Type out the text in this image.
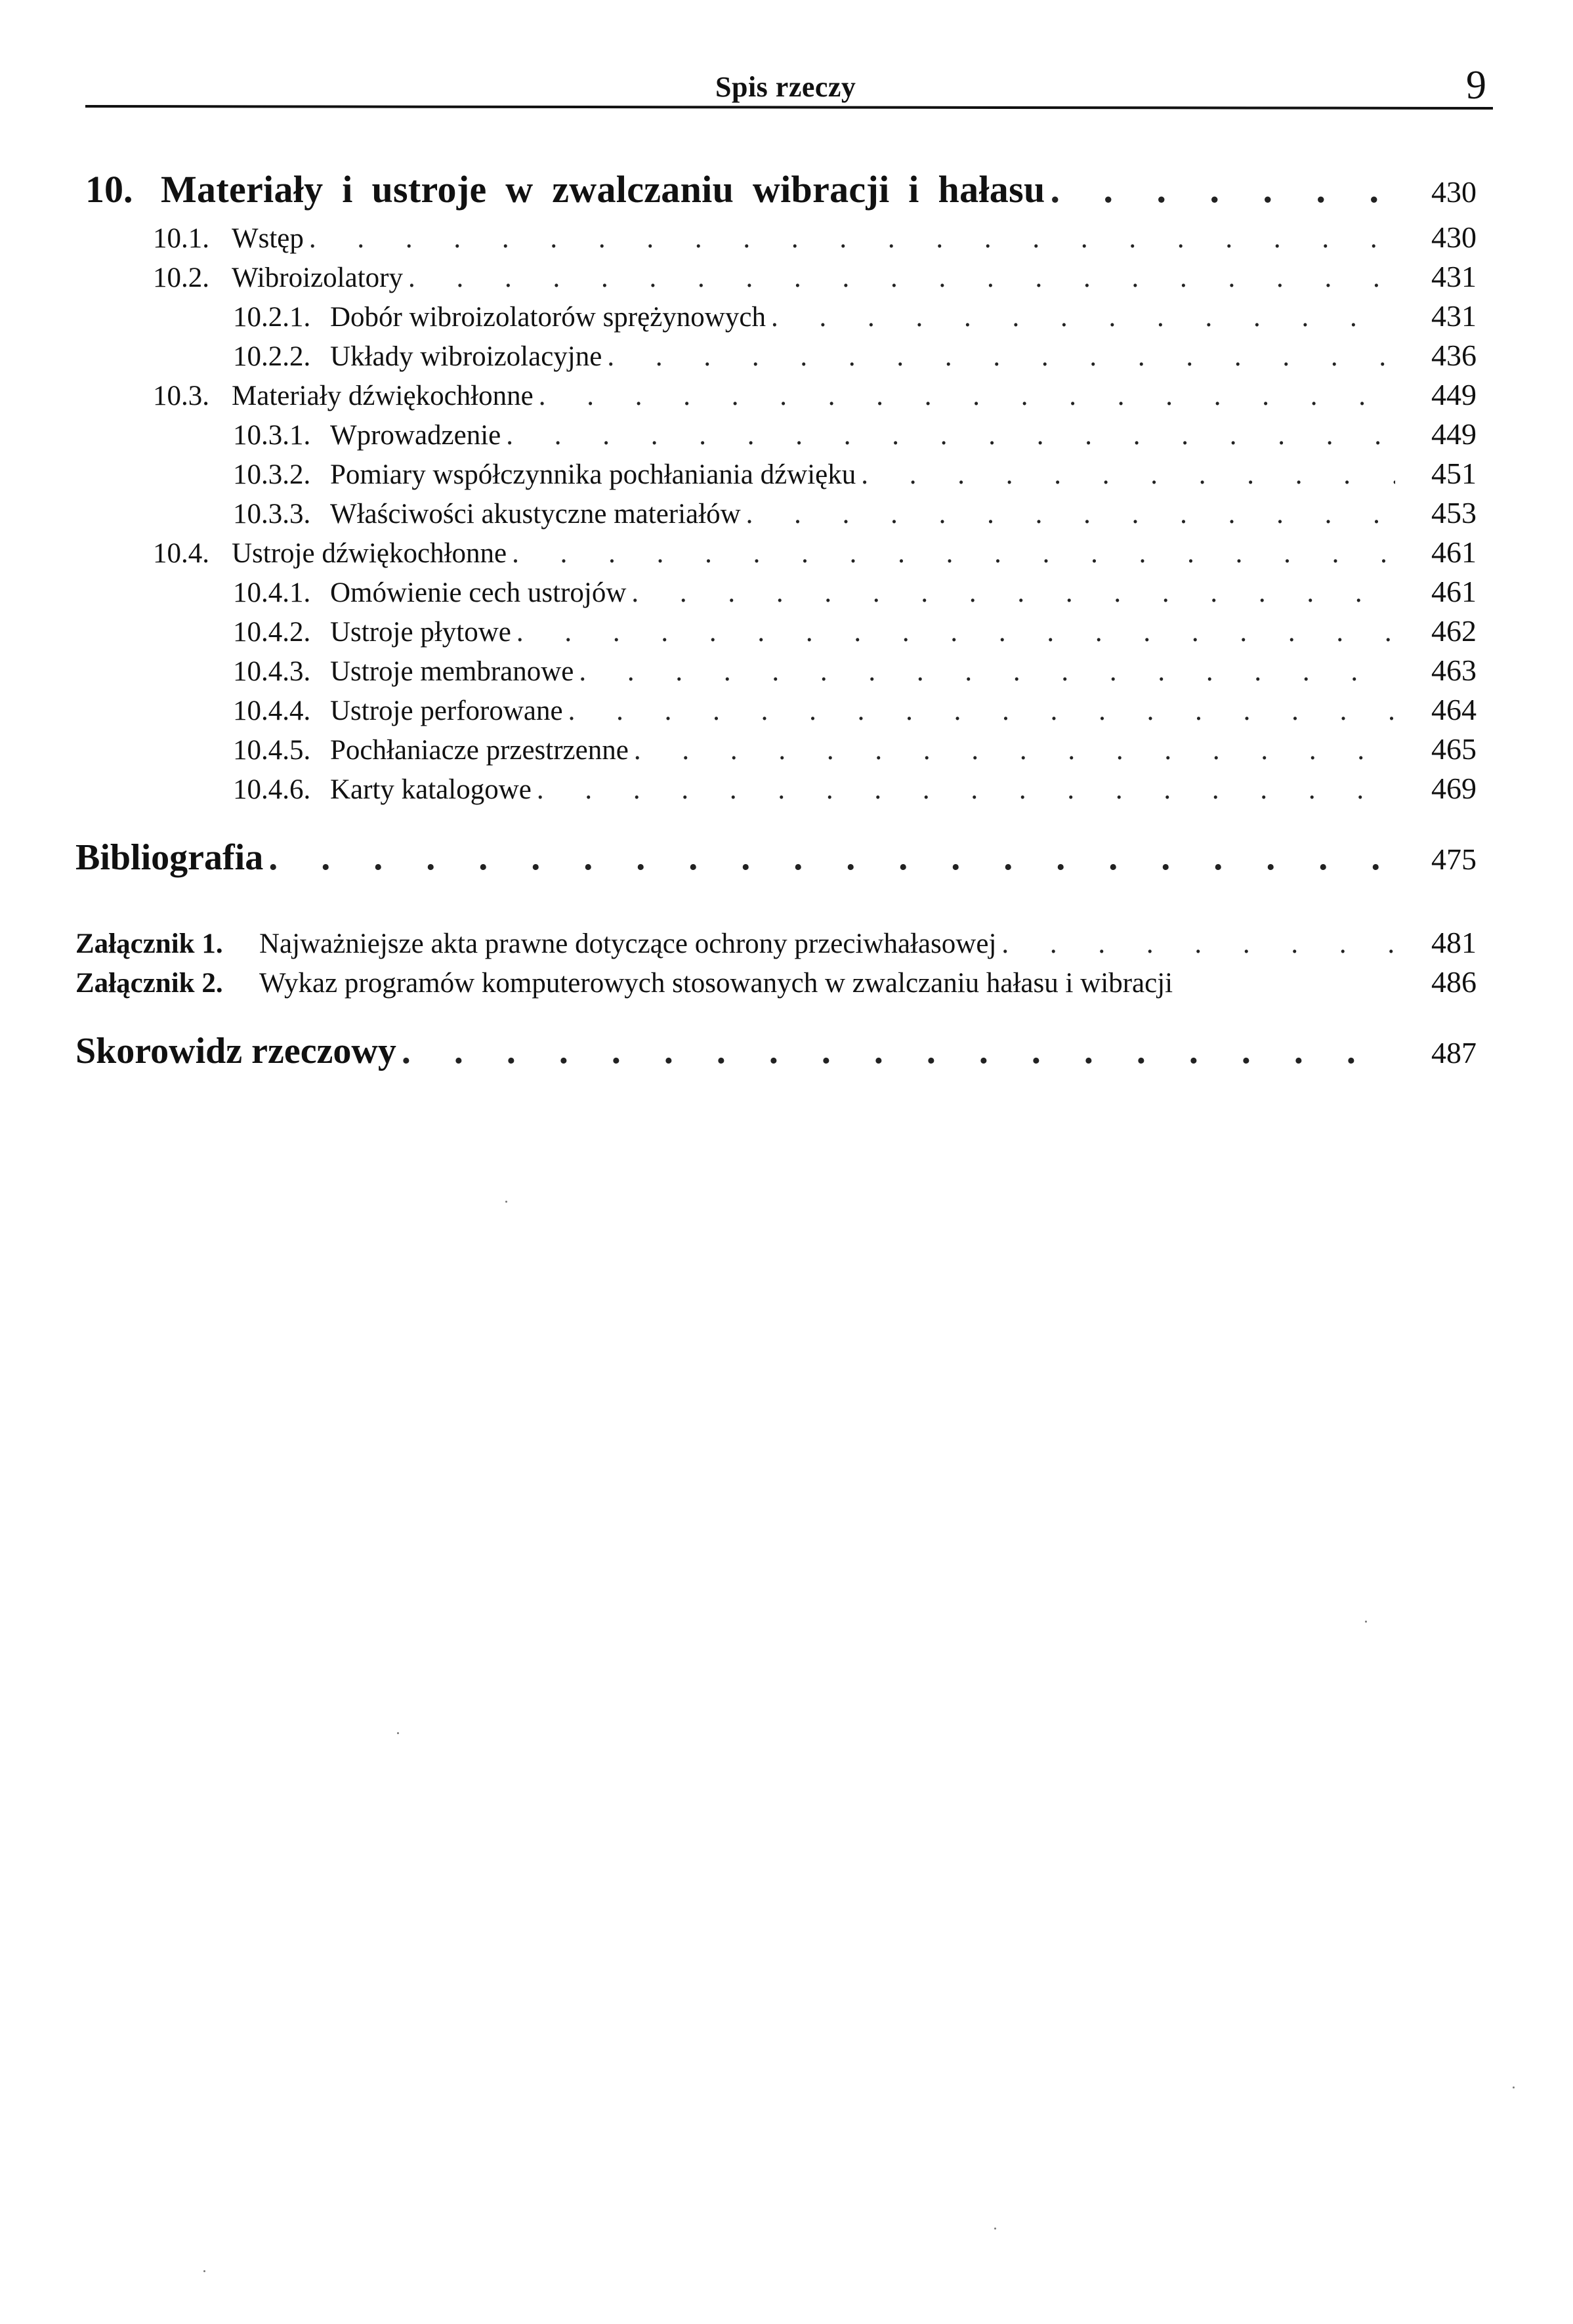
Spis rzeczy	9
10. Materiały i ustroje w zwalczaniu wibracji i hałasu . . .	430
10.1. Wstęp . . .	430
10.2. Wibroizolatory . . .	431
10.2.1. Dobór wibroizolatorów sprężynowych . . .	431
10.2.2. Układy wibroizolacyjne . . .	436
10.3. Materiały dźwiękochłonne . . .	449
10.3.1. Wprowadzenie . . .	449
10.3.2. Pomiary współczynnika pochłaniania dźwięku . . .	451
10.3.3. Właściwości akustyczne materiałów . . .	453
10.4. Ustroje dźwiękochłonne . . .	461
10.4.1. Omówienie cech ustrojów . . .	461
10.4.2. Ustroje płytowe . . .	462
10.4.3. Ustroje membranowe . . .	463
10.4.4. Ustroje perforowane . . .	464
10.4.5. Pochłaniacze przestrzenne . . .	465
10.4.6. Karty katalogowe . . .	469
Bibliografia . . .	475
Załącznik 1.	Najważniejsze akta prawne dotyczące ochrony przeciwhałasowej . . .	481
Załącznik 2.	Wykaz programów komputerowych stosowanych w zwalczaniu hałasu i wibracji	486
Skorowidz rzeczowy . . .	487
